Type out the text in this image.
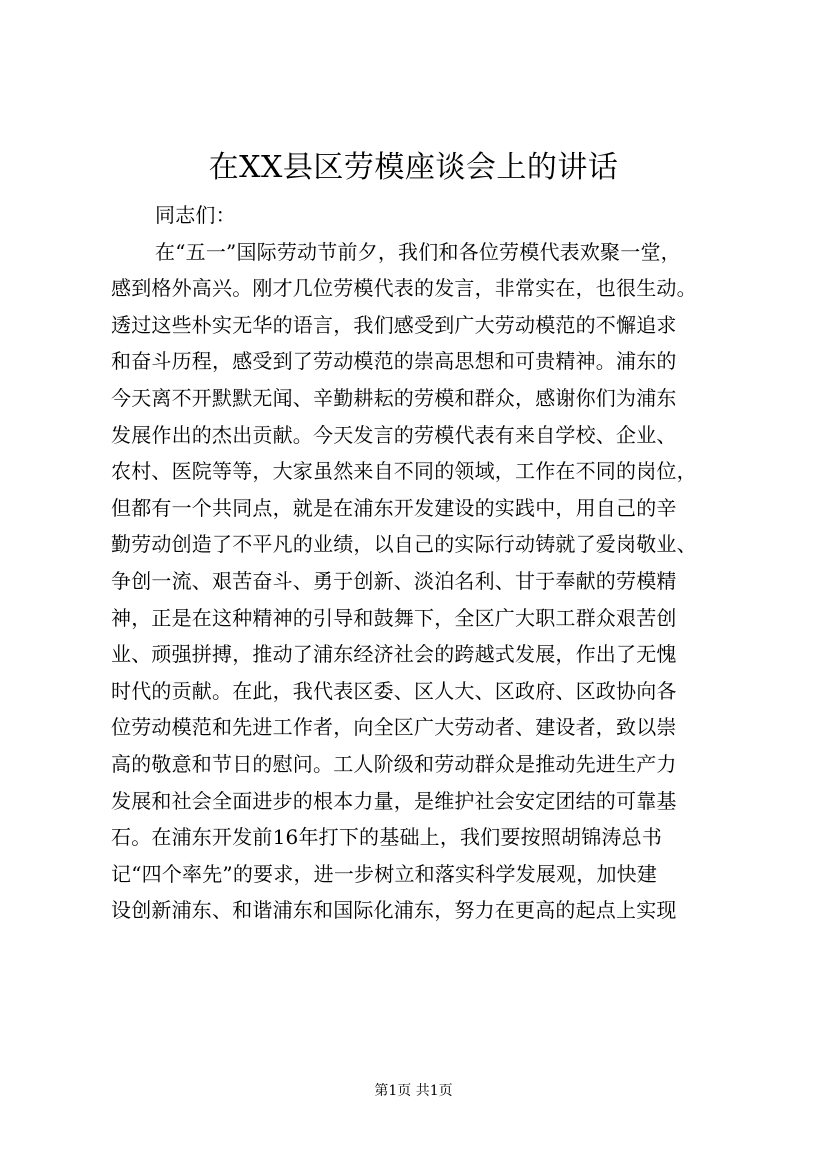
在XX县区劳模座谈会上的讲话
同志们：
在“五一”国际劳动节前夕，我们和各位劳模代表欢聚一堂，
感到格外高兴。刚才几位劳模代表的发言，非常实在，也很生动。
透过这些朴实无华的语言，我们感受到广大劳动模范的不懈追求
和奋斗历程，感受到了劳动模范的崇高思想和可贵精神。浦东的
今天离不开默默无闻、辛勤耕耘的劳模和群众，感谢你们为浦东
发展作出的杰出贡献。今天发言的劳模代表有来自学校、企业、
农村、医院等等，大家虽然来自不同的领域，工作在不同的岗位，
但都有一个共同点，就是在浦东开发建设的实践中，用自己的辛
勤劳动创造了不平凡的业绩，以自己的实际行动铸就了爱岗敬业、
争创一流、艰苦奋斗、勇于创新、淡泊名利、甘于奉献的劳模精
神，正是在这种精神的引导和鼓舞下，全区广大职工群众艰苦创
业、顽强拼搏，推动了浦东经济社会的跨越式发展，作出了无愧
时代的贡献。在此，我代表区委、区人大、区政府、区政协向各
位劳动模范和先进工作者，向全区广大劳动者、建设者，致以崇
高的敬意和节日的慰问。工人阶级和劳动群众是推动先进生产力
发展和社会全面进步的根本力量，是维护社会安定团结的可靠基
石。在浦东开发前16年打下的基础上，我们要按照胡锦涛总书
记“四个率先”的要求，进一步树立和落实科学发展观，加快建
设创新浦东、和谐浦东和国际化浦东，努力在更高的起点上实现
第1页 共1页
